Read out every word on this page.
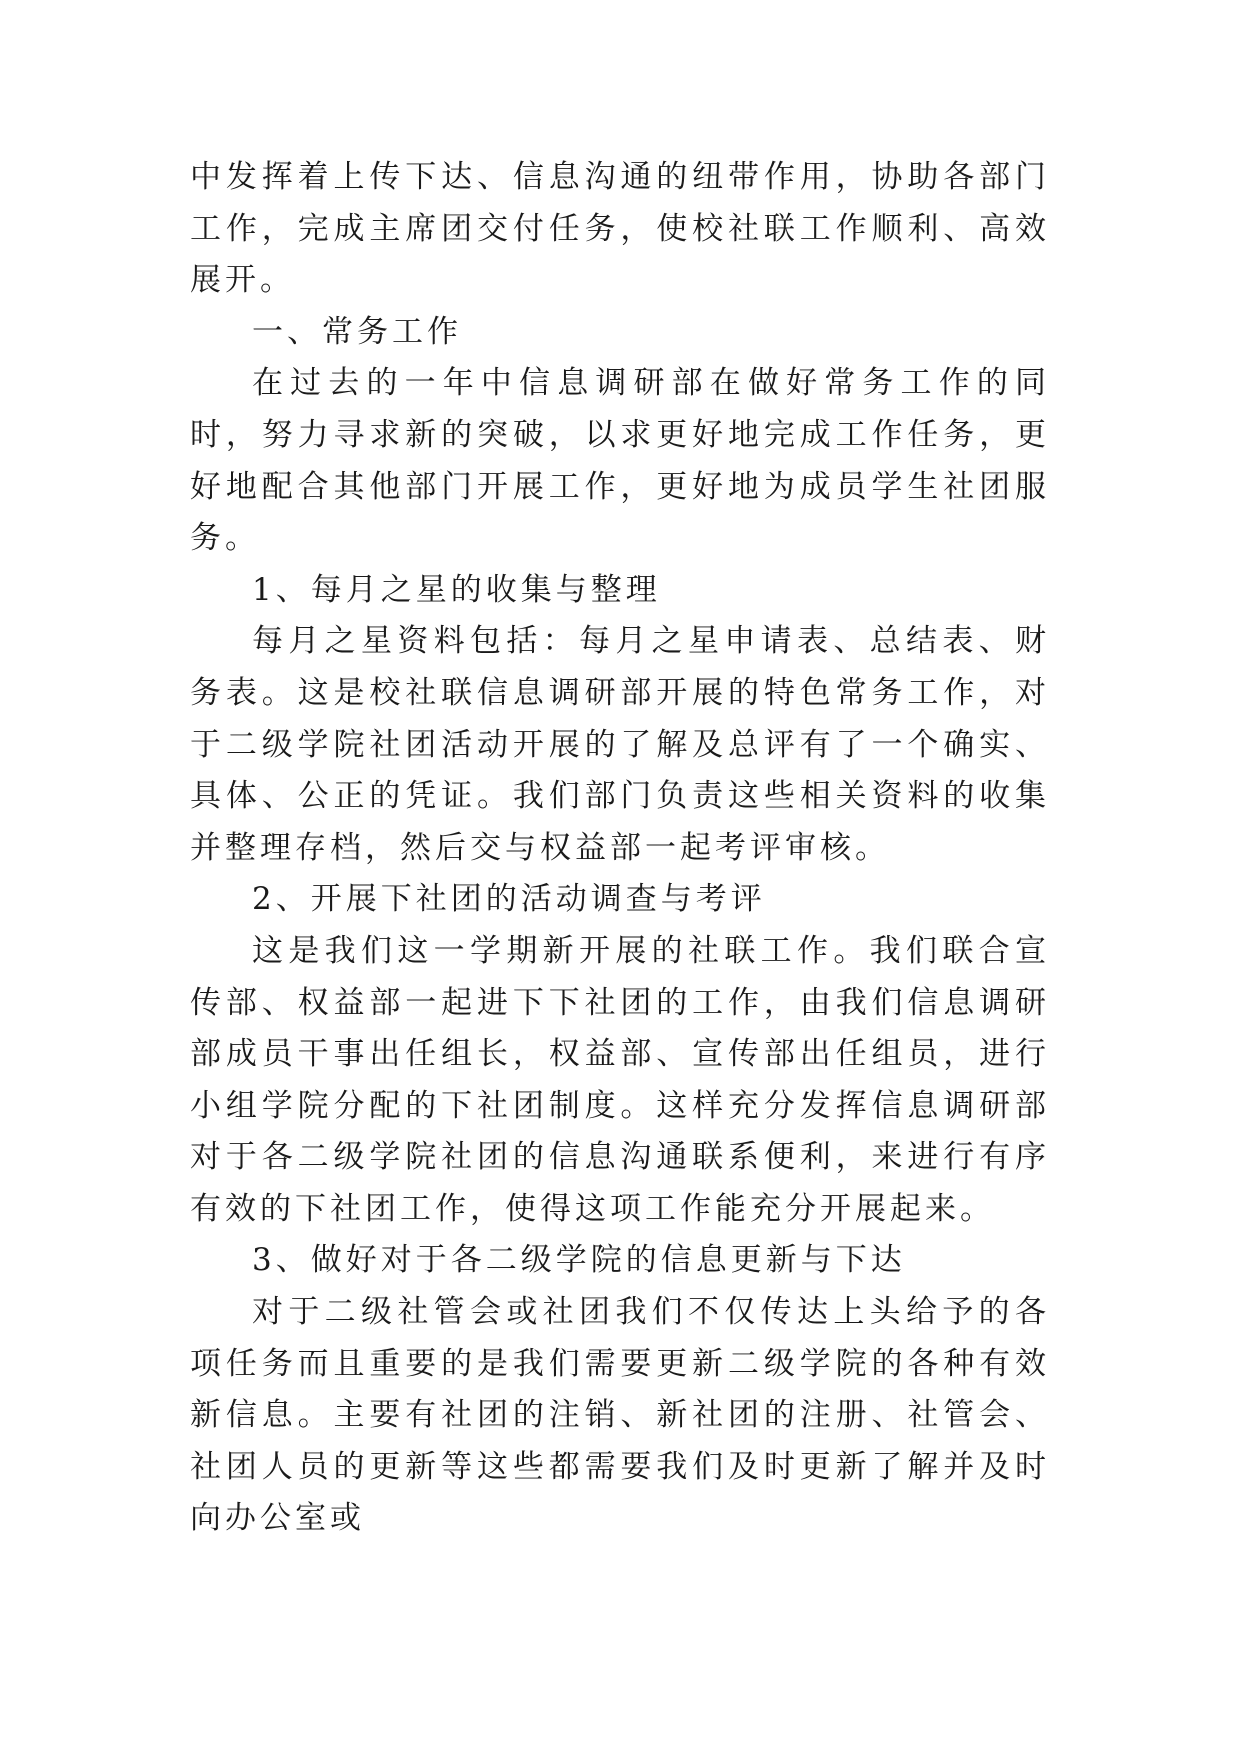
中发挥着上传下达、信息沟通的纽带作用，协助各部门工作，完成主席团交付任务，使校社联工作顺利、高效展开。

一、常务工作

在过去的一年中信息调研部在做好常务工作的同时，努力寻求新的突破，以求更好地完成工作任务，更好地配合其他部门开展工作，更好地为成员学生社团服务。

1、每月之星的收集与整理

每月之星资料包括：每月之星申请表、总结表、财务表。这是校社联信息调研部开展的特色常务工作，对于二级学院社团活动开展的了解及总评有了一个确实、具体、公正的凭证。我们部门负责这些相关资料的收集并整理存档，然后交与权益部一起考评审核。

2、开展下社团的活动调查与考评

这是我们这一学期新开展的社联工作。我们联合宣传部、权益部一起进下下社团的工作，由我们信息调研部成员干事出任组长，权益部、宣传部出任组员，进行小组学院分配的下社团制度。这样充分发挥信息调研部对于各二级学院社团的信息沟通联系便利，来进行有序有效的下社团工作，使得这项工作能充分开展起来。

3、做好对于各二级学院的信息更新与下达

对于二级社管会或社团我们不仅传达上头给予的各项任务而且重要的是我们需要更新二级学院的各种有效新信息。主要有社团的注销、新社团的注册、社管会、社团人员的更新等这些都需要我们及时更新了解并及时向办公室或
